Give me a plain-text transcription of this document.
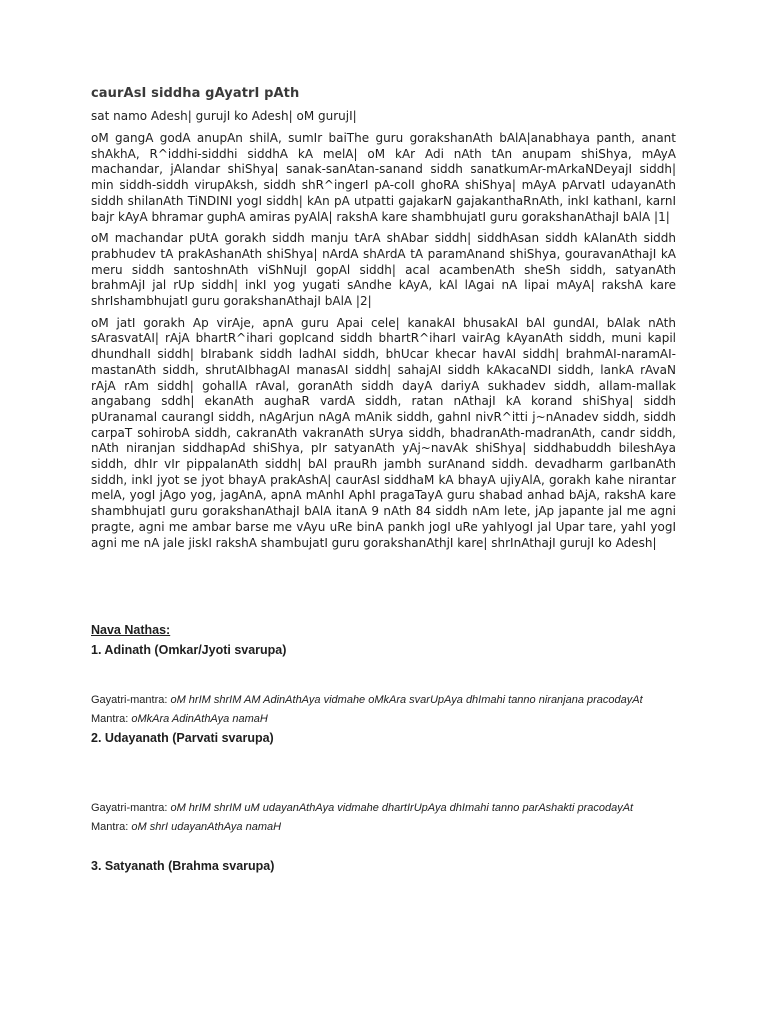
caurAsI siddha gAyatrI pAth

sat namo Adesh| gurujI ko Adesh| oM gurujI|

oM gangA godA anupAn shilA, sumIr baiThe guru gorakshanAth bAlA|anabhaya panth, anant shAkhA, R^iddhi-siddhi siddhA kA melA| oM kAr Adi nAth tAn anupam shiShya, mAyA machandar, jAlandar shiShya| sanak-sanAtan-sanand siddh sanatkumAr-mArkaNDeyajI siddh| min siddh-siddh virupAksh, siddh shR^ingerI pA-colI ghoRA shiShya| mAyA pArvatI udayanAth siddh shilanAth TiNDINI yogI siddh| kAn pA utpatti gajakarN gajakanthaRnAth, inkI kathanI, karnI bajr kAyA bhramar guphA amiras pyAlA| rakshA kare shambhujatI guru gorakshanAthajI bAlA |1|

oM machandar pUtA gorakh siddh manju tArA shAbar siddh| siddhAsan siddh kAlanAth siddh prabhudev tA prakAshanAth shiShya| nArdA shArdA tA paramAnand shiShya, gouravanAthajI kA meru siddh santoshnAth viShNujI gopAl siddh| acal acambenAth sheSh siddh, satyanAth brahmAjI jal rUp siddh| inkI yog yugati sAndhe kAyA, kAl lAgai nA lipai mAyA| rakshA kare shrIshambhujatI guru gorakshanAthajI bAlA |2|

oM jatI gorakh Ap virAje, apnA guru Apai cele| kanakAI bhusakAI bAl gundAI, bAlak nAth sArasvatAI| rAjA bhartR^ihari gopIcand siddh bhartR^iharI vairAg kAyanAth siddh, muni kapil dhundhalI siddh| bIrabank siddh ladhAI siddh, bhUcar khecar havAI siddh| brahmAI-naramAI-mastanAth siddh, shrutAIbhagAI manasAI siddh| sahajAI siddh kAkacaNDI siddh, lankA rAvaN rAjA rAm siddh| gohallA rAval, goranAth siddh dayA dariyA sukhadev siddh, allam-mallak angabang sddh| ekanAth aughaR vardA siddh, ratan nAthajI kA korand shiShya| siddh pUranamal caurangI siddh, nAgArjun nAgA mAnik siddh, gahnI nivR^itti j~nAnadev siddh, siddh carpaT sohirobA siddh, cakranAth vakranAth sUrya siddh, bhadranAth-madranAth, candr siddh, nAth niranjan siddhapAd shiShya, pIr satyanAth yAj~navAk shiShya| siddhabuddh bileshAya siddh, dhIr vIr pippalanAth siddh| bAl prauRh jambh surAnand siddh. devadharm garIbanAth siddh, inkI jyot se jyot bhayA prakAshA| caurAsI siddhaM kA bhayA ujiyAlA, gorakh kahe nirantar melA, yogI jAgo yog, jagAnA, apnA mAnhI AphI pragaTayA guru shabad anhad bAjA, rakshA kare shambhujatI guru gorakshanAthajI bAlA itanA 9 nAth 84 siddh nAm lete, jAp japante jal me agni pragte, agni me ambar barse me vAyu uRe binA pankh jogI uRe yahIyogI jal Upar tare, yahI yogI agni me nA jale jiskI rakshA shambujatI guru gorakshanAthjI kare| shrInAthajI gurujI ko Adesh|

Nava Nathas:

1. Adinath (Omkar/Jyoti svarupa)

Gayatri-mantra: oM hrIM shrIM AM AdinAthAya vidmahe oMkAra svarUpAya dhImahi tanno niranjana pracodayAt

Mantra: oMkAra AdinAthAya namaH

2. Udayanath (Parvati svarupa)

Gayatri-mantra: oM hrIM shrIM uM udayanAthAya vidmahe dhartIrUpAya dhImahi tanno parAshakti pracodayAt

Mantra: oM shrI udayanAthAya namaH

3. Satyanath (Brahma svarupa)
